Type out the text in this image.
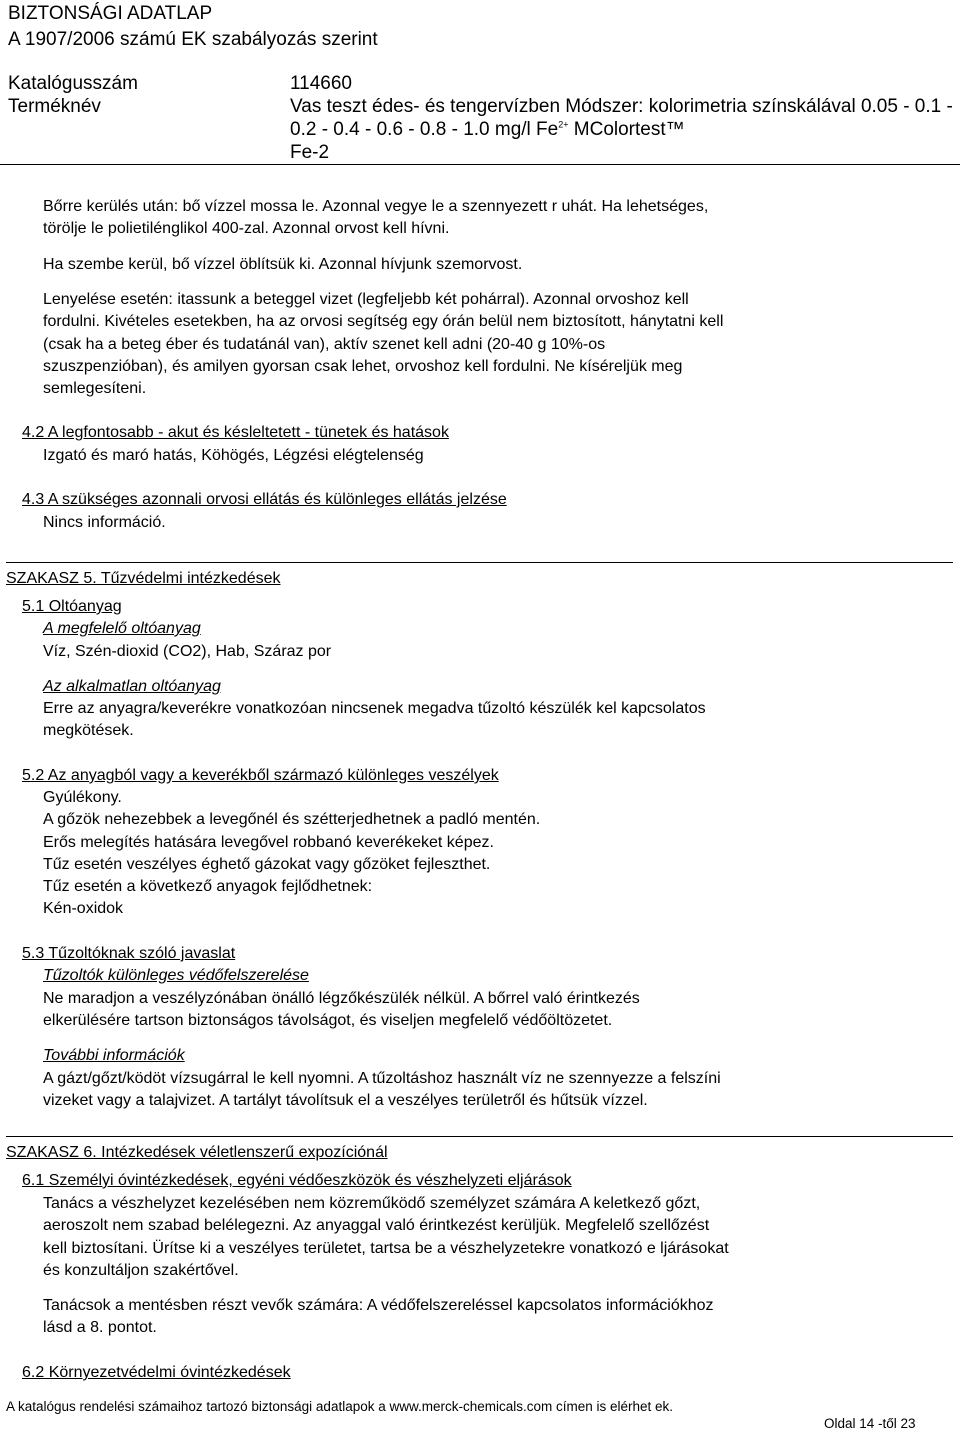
BIZTONSÁGI ADATLAP
A 1907/2006 számú EK szabályozás szerint
Katalógusszám	114660
Terméknév	Vas teszt édes- és tengervízben Módszer: kolorimetria színskálával 0.05 - 0.1 -
0.2 - 0.4 - 0.6 - 0.8 - 1.0 mg/l $Fe^{2+}$ MColortest™
Fe-2
Bőrre kerülés után: bő vízzel mossa le. Azonnal vegye le a szennyezett r uhát. Ha lehetséges,
törölje le polietilénglikol 400-zal. Azonnal orvost kell hívni.
Ha szembe kerül, bő vízzel öblítsük ki. Azonnal hívjunk szemorvost.
Lenyelése esetén: itassunk a beteggel vizet (legfeljebb két pohárral). Azonnal orvoshoz kell
fordulni. Kivételes esetekben, ha az orvosi segítség egy órán belül nem biztosított, hánytatni kell
(csak ha a beteg éber és tudatánál van), aktív szenet kell adni (20-40 g 10%-os
szuszpenzióban), és amilyen gyorsan csak lehet, orvoshoz kell fordulni. Ne kíséreljük meg
semlegesíteni.
4.2 A legfontosabb - akut és késleltetett - tünetek és hatások
Izgató és maró hatás, Köhögés, Légzési elégtelenség
4.3 A szükséges azonnali orvosi ellátás és különleges ellátás jelzése
Nincs információ.
SZAKASZ 5. Tűzvédelmi intézkedések
5.1 Oltóanyag
A megfelelő oltóanyag
Víz, Szén-dioxid (CO2), Hab, Száraz por
Az alkalmatlan oltóanyag
Erre az anyagra/keverékre vonatkozóan nincsenek megadva tűzoltó készülék kel kapcsolatos
megkötések.
5.2 Az anyagból vagy a keverékből származó különleges veszélyek
Gyúlékony.
A gőzök nehezebbek a levegőnél és szétterjedhetnek a padló mentén.
Erős melegítés hatására levegővel robbanó keverékeket képez.
Tűz esetén veszélyes éghető gázokat vagy gőzöket fejleszthet.
Tűz esetén a következő anyagok fejlődhetnek:
Kén-oxidok
5.3 Tűzoltóknak szóló javaslat
Tűzoltók különleges védőfelszerelése
Ne maradjon a veszélyzónában önálló légzőkészülék nélkül. A bőrrel való érintkezés
elkerülésére tartson biztonságos távolságot, és viseljen megfelelő védőöltözetet.
További információk
A gázt/gőzt/ködöt vízsugárral le kell nyomni. A tűzoltáshoz használt víz ne szennyezze a felszíni
vizeket vagy a talajvizet. A tartályt távolítsuk el a veszélyes területről és hűtsük vízzel.
SZAKASZ 6. Intézkedések véletlenszerű expozíciónál
6.1 Személyi óvintézkedések, egyéni védőeszközök és vészhelyzeti eljárások
Tanács a vészhelyzet kezelésében nem közreműködő személyzet számára A keletkező gőzt,
aeroszolt nem szabad belélegezni. Az anyaggal való érintkezést kerüljük. Megfelelő szellőzést
kell biztosítani. Ürítse ki a veszélyes területet, tartsa be a vészhelyzetekre vonatkozó e ljárásokat
és konzultáljon szakértővel.
Tanácsok a mentésben részt vevők számára: A védőfelszereléssel kapcsolatos információkhoz
lásd a 8. pontot.
6.2 Környezetvédelmi óvintézkedések
A katalógus rendelési számaihoz tartozó biztonsági adatlapok a www.merck-chemicals.com címen is elérhet ek.
Oldal 14 -től 23
